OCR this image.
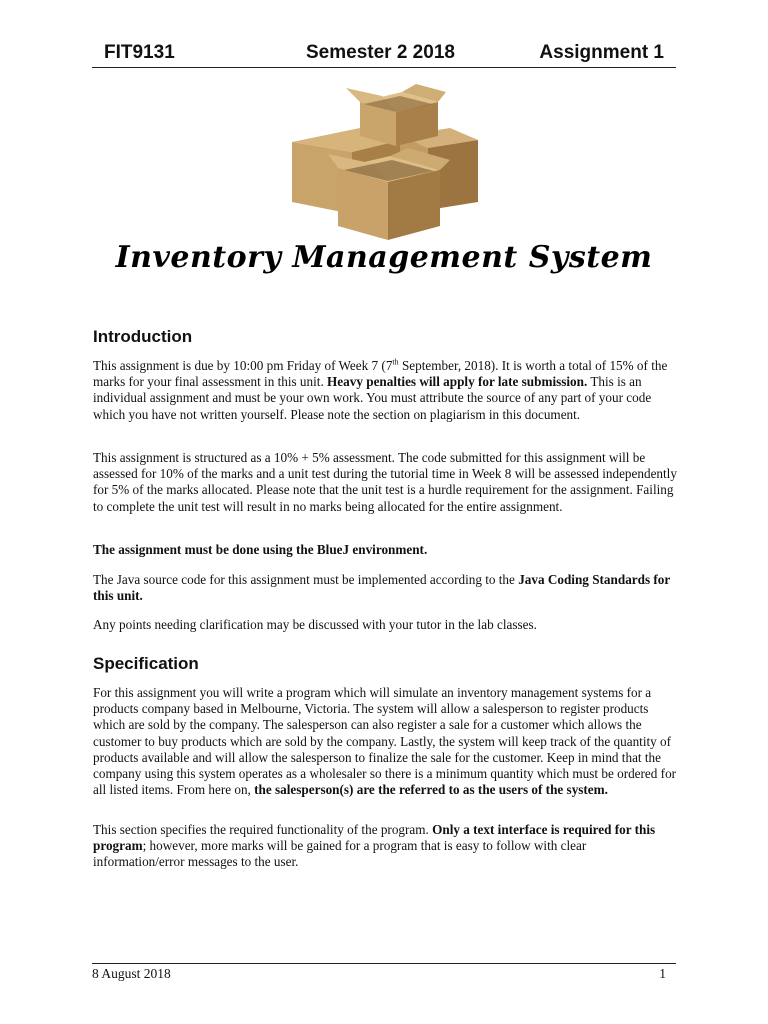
FIT9131	Semester 2 2018	Assignment 1
Inventory Management System
Introduction

This assignment is due by 10:00 pm Friday of Week 7 (7th September, 2018). It is worth a total of 15% of the marks for your final assessment in this unit. Heavy penalties will apply for late submission. This is an individual assignment and must be your own work. You must attribute the source of any part of your code which you have not written yourself. Please note the section on plagiarism in this document.

This assignment is structured as a 10% + 5% assessment. The code submitted for this assignment will be assessed for 10% of the marks and a unit test during the tutorial time in Week 8 will be assessed independently for 5% of the marks allocated. Please note that the unit test is a hurdle requirement for the assignment. Failing to complete the unit test will result in no marks being allocated for the entire assignment.

The assignment must be done using the BlueJ environment.

The Java source code for this assignment must be implemented according to the Java Coding Standards for this unit.

Any points needing clarification may be discussed with your tutor in the lab classes.

Specification

For this assignment you will write a program which will simulate an inventory management systems for a products company based in Melbourne, Victoria. The system will allow a salesperson to register products which are sold by the company. The salesperson can also register a sale for a customer which allows the customer to buy products which are sold by the company. Lastly, the system will keep track of the quantity of products available and will allow the salesperson to finalize the sale for the customer. Keep in mind that the company using this system operates as a wholesaler so there is a minimum quantity which must be ordered for all listed items. From here on, the salesperson(s) are the referred to as the users of the system.

This section specifies the required functionality of the program. Only a text interface is required for this program; however, more marks will be gained for a program that is easy to follow with clear information/error messages to the user.

8 August 2018	1
